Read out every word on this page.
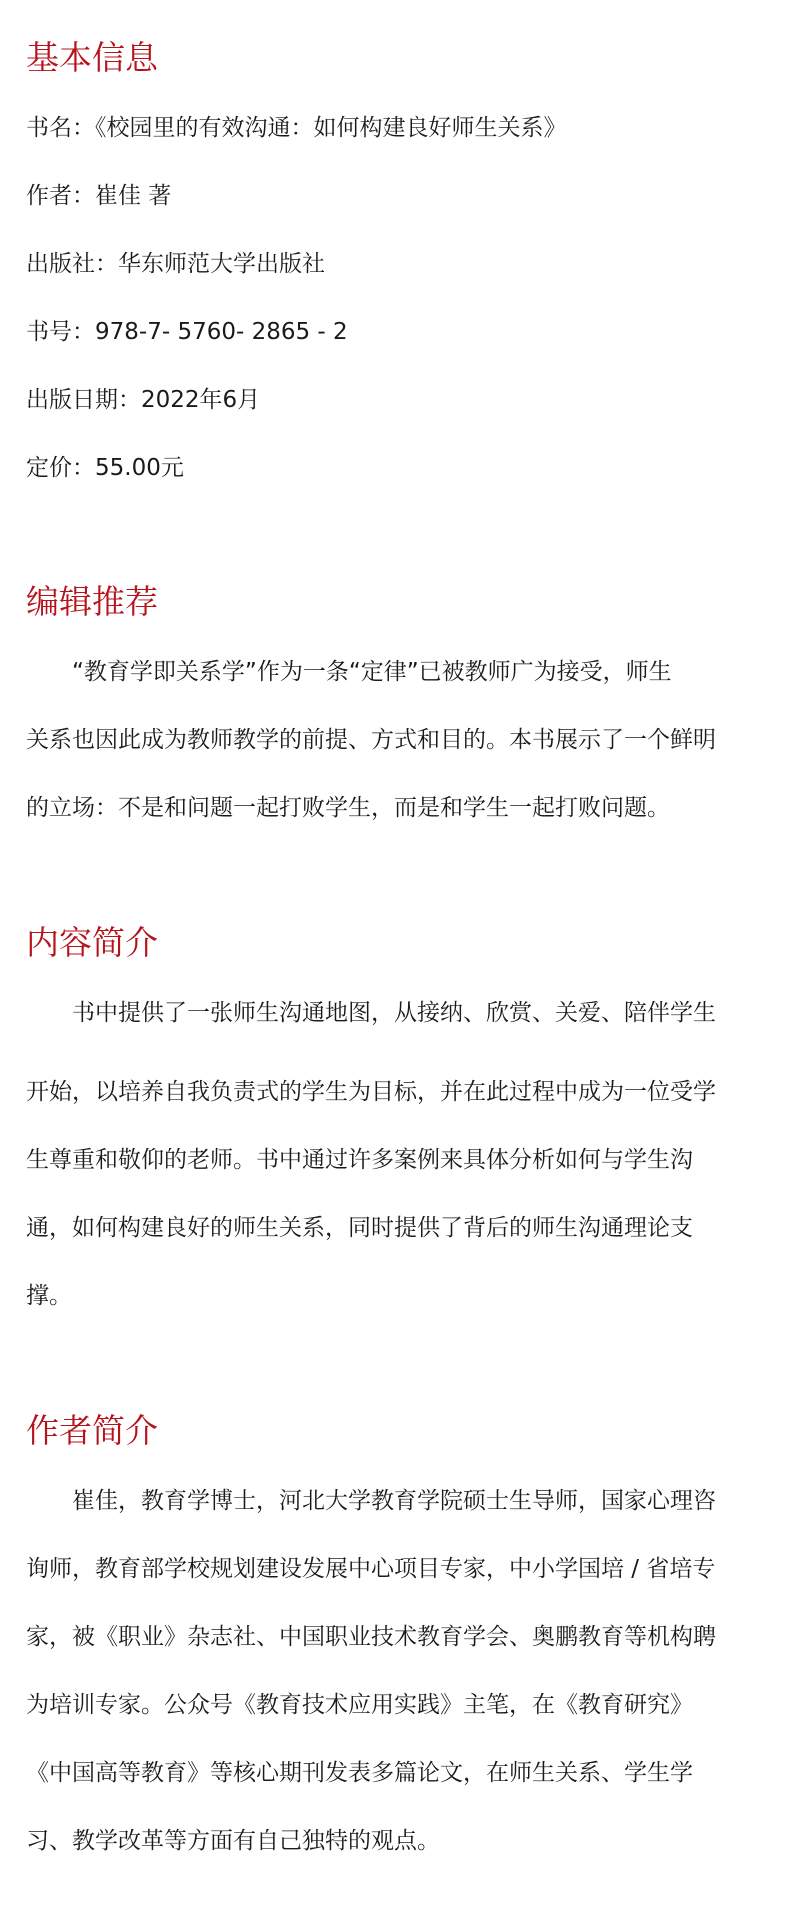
基本信息

书名：《校园里的有效沟通：如何构建良好师生关系》

作者：崔佳 著

出版社：华东师范大学出版社

书号：978-7- 5760- 2865 - 2

出版日期：2022年6月

定价：55.00元

编辑推荐

“教育学即关系学”作为一条“定律”已被教师广为接受，师生

关系也因此成为教师教学的前提、方式和目的。本书展示了一个鲜明

的立场：不是和问题一起打败学生，而是和学生一起打败问题。

内容简介

书中提供了一张师生沟通地图，从接纳、欣赏、关爱、陪伴学生

开始，以培养自我负责式的学生为目标，并在此过程中成为一位受学

生尊重和敬仰的老师。书中通过许多案例来具体分析如何与学生沟

通，如何构建良好的师生关系，同时提供了背后的师生沟通理论支

撑。

作者简介

崔佳，教育学博士，河北大学教育学院硕士生导师，国家心理咨

询师，教育部学校规划建设发展中心项目专家，中小学国培 / 省培专

家，被《职业》杂志社、中国职业技术教育学会、奥鹏教育等机构聘

为培训专家。公众号《教育技术应用实践》主笔，在《教育研究》

《中国高等教育》等核心期刊发表多篇论文，在师生关系、学生学

习、教学改革等方面有自己独特的观点。
